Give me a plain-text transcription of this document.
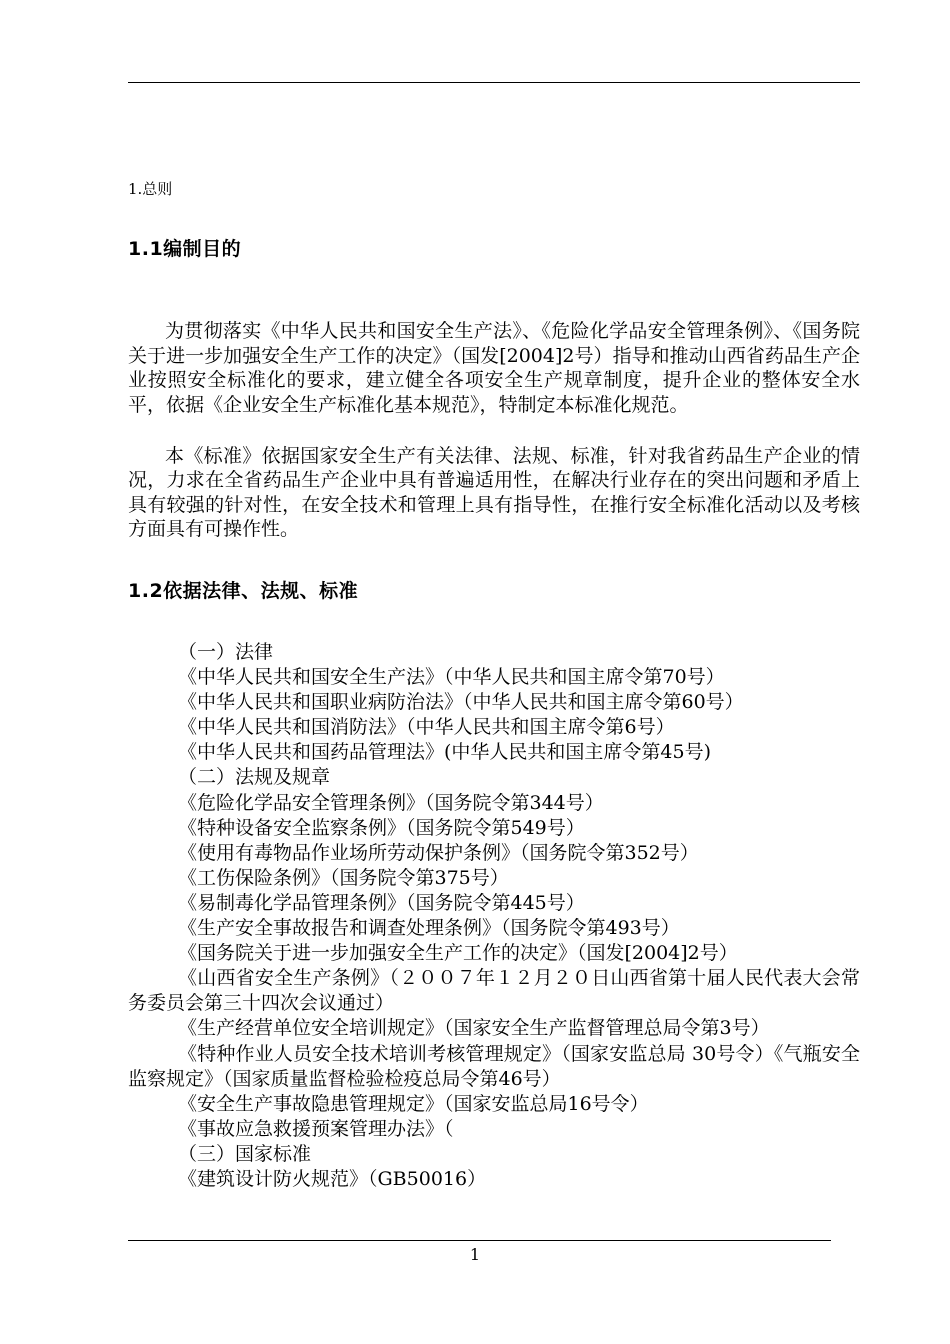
1.总则
1.1编制目的

为贯彻落实《中华人民共和国安全生产法》、《危险化学品安全管理条例》、《国务院关于进一步加强安全生产工作的决定》（国发[2004]2号）指导和推动山西省药品生产企业按照安全标准化的要求，建立健全各项安全生产规章制度，提升企业的整体安全水平，依据《企业安全生产标准化基本规范》，特制定本标准化规范。

本《标准》依据国家安全生产有关法律、法规、标准，针对我省药品生产企业的情况，力求在全省药品生产企业中具有普遍适用性，在解决行业存在的突出问题和矛盾上具有较强的针对性，在安全技术和管理上具有指导性，在推行安全标准化活动以及考核方面具有可操作性。

1.2依据法律、法规、标准

（一）法律

《中华人民共和国安全生产法》（中华人民共和国主席令第70号）

《中华人民共和国职业病防治法》（中华人民共和国主席令第60号）

《中华人民共和国消防法》（中华人民共和国主席令第6号）

《中华人民共和国药品管理法》(中华人民共和国主席令第45号)

（二）法规及规章

《危险化学品安全管理条例》（国务院令第344号）

《特种设备安全监察条例》（国务院令第549号）

《使用有毒物品作业场所劳动保护条例》（国务院令第352号）

《工伤保险条例》（国务院令第375号）

《易制毒化学品管理条例》（国务院令第445号）

《生产安全事故报告和调查处理条例》（国务院令第493号）

《国务院关于进一步加强安全生产工作的决定》（国发[2004]2号）

《山西省安全生产条例》（２００７年１２月２０日山西省第十届人民代表大会常务委员会第三十四次会议通过）

《生产经营单位安全培训规定》（国家安全生产监督管理总局令第3号）

《特种作业人员安全技术培训考核管理规定》（国家安监总局 30号令）《气瓶安全监察规定》（国家质量监督检验检疫总局令第46号）

《安全生产事故隐患管理规定》（国家安监总局16号令）

《事故应急救援预案管理办法》（

（三）国家标准

《建筑设计防火规范》（GB50016）

1
